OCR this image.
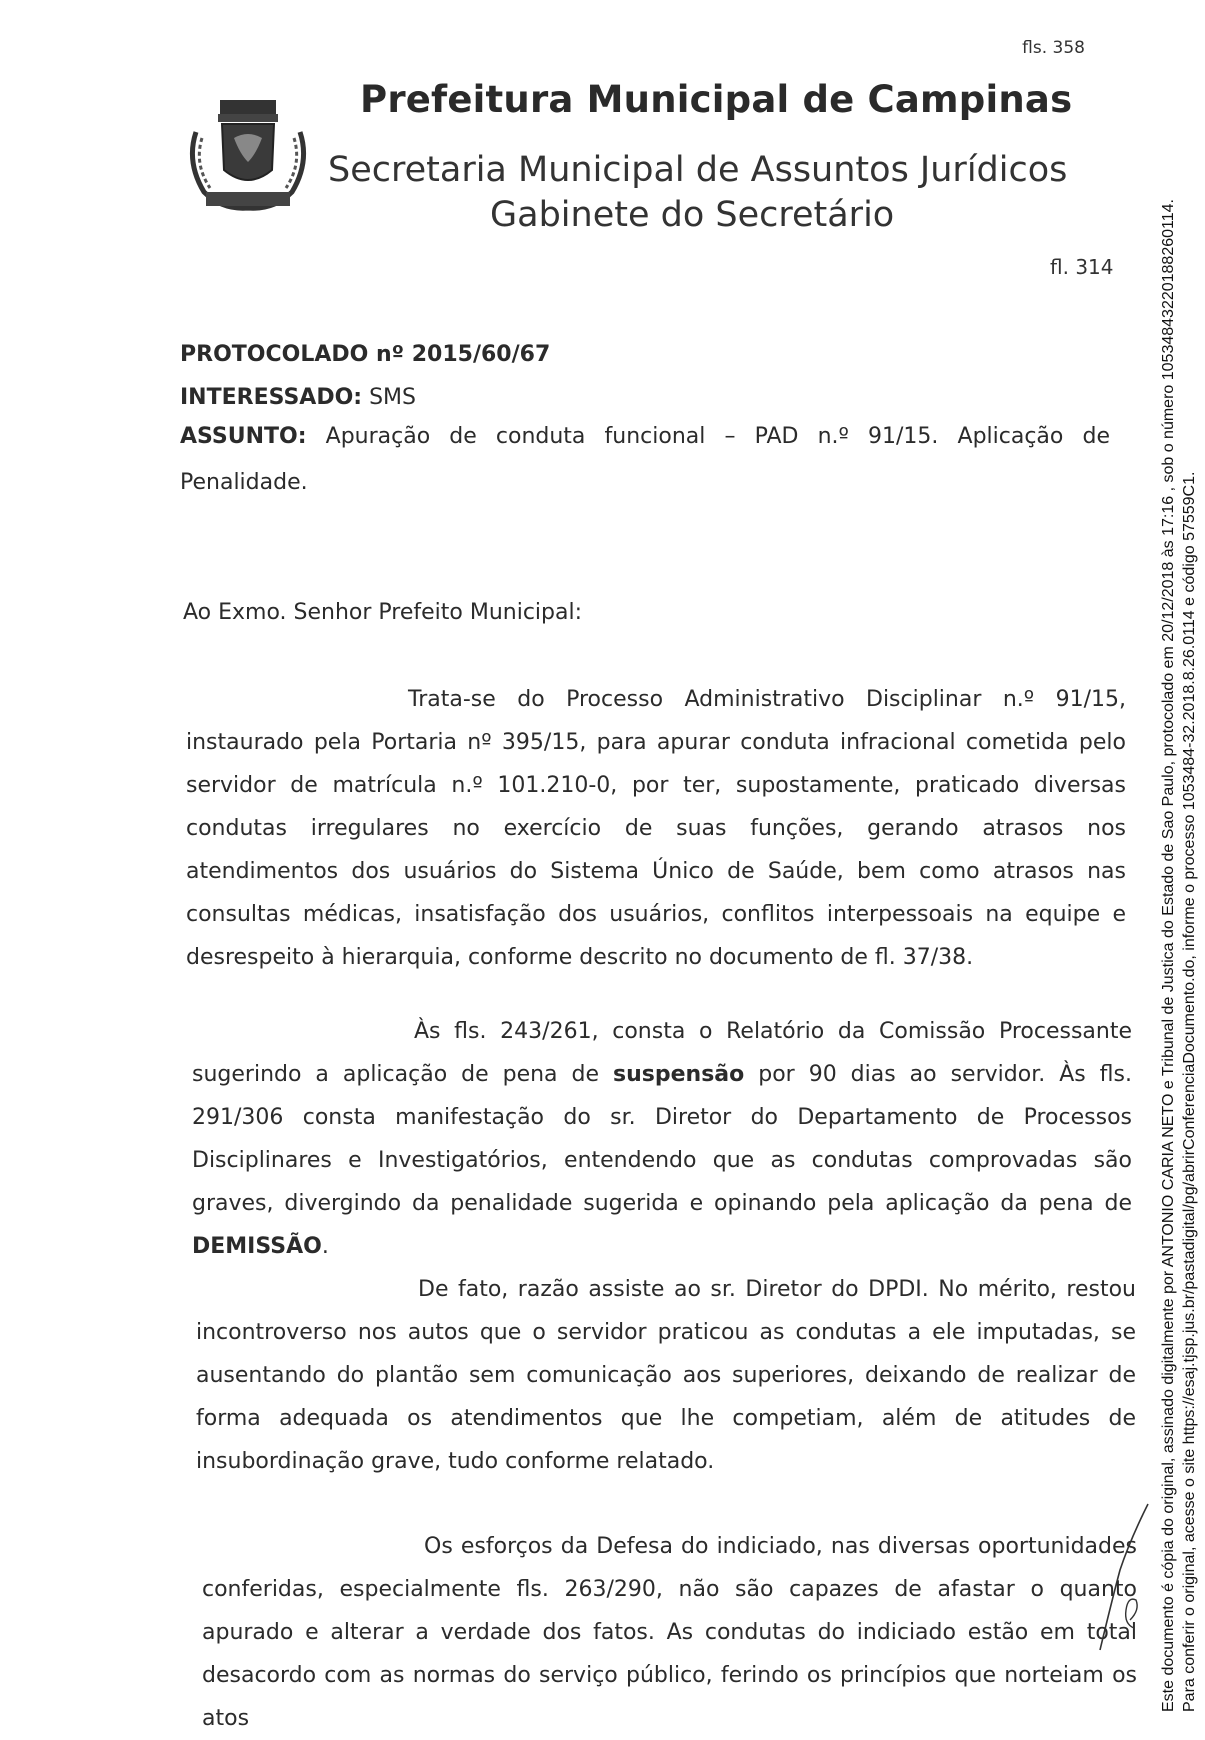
fls. 358
Prefeitura Municipal de Campinas
Secretaria Municipal de Assuntos Jurídicos
Gabinete do Secretário
fl. 314
PROTOCOLADO nº 2015/60/67
INTERESSADO: SMS
ASSUNTO: Apuração de conduta funcional – PAD n.º 91/15. Aplicação de
Penalidade.
Ao Exmo. Senhor Prefeito Municipal:

Trata-se do Processo Administrativo Disciplinar n.º 91/15, instaurado pela Portaria nº 395/15, para apurar conduta infracional cometida pelo servidor de matrícula n.º 101.210-0, por ter, supostamente, praticado diversas condutas irregulares no exercício de suas funções, gerando atrasos nos atendimentos dos usuários do Sistema Único de Saúde, bem como atrasos nas consultas médicas, insatisfação dos usuários, conflitos interpessoais na equipe e desrespeito à hierarquia, conforme descrito no documento de fl. 37/38.

Às fls. 243/261, consta o Relatório da Comissão Processante sugerindo a aplicação de pena de suspensão por 90 dias ao servidor. Às fls. 291/306 consta manifestação do sr. Diretor do Departamento de Processos Disciplinares e Investigatórios, entendendo que as condutas comprovadas são graves, divergindo da penalidade sugerida e opinando pela aplicação da pena de DEMISSÃO.

De fato, razão assiste ao sr. Diretor do DPDI. No mérito, restou incontroverso nos autos que o servidor praticou as condutas a ele imputadas, se ausentando do plantão sem comunicação aos superiores, deixando de realizar de forma adequada os atendimentos que lhe competiam, além de atitudes de insubordinação grave, tudo conforme relatado.

Os esforços da Defesa do indiciado, nas diversas oportunidades conferidas, especialmente fls. 263/290, não são capazes de afastar o quanto apurado e alterar a verdade dos fatos. As condutas do indiciado estão em total desacordo com as normas do serviço público, ferindo os princípios que norteiam os atos

Este documento é cópia do original, assinado digitalmente por ANTONIO CARIA NETO e Tribunal de Justica do Estado de Sao Paulo, protocolado em 20/12/2018 às 17:16 , sob o número 10534843220188260114. Para conferir o original, acesse o site https://esaj.tjsp.jus.br/pastadigital/pg/abrirConferenciaDocumento.do, informe o processo 1053484-32.2018.8.26.0114 e código 57559C1.
